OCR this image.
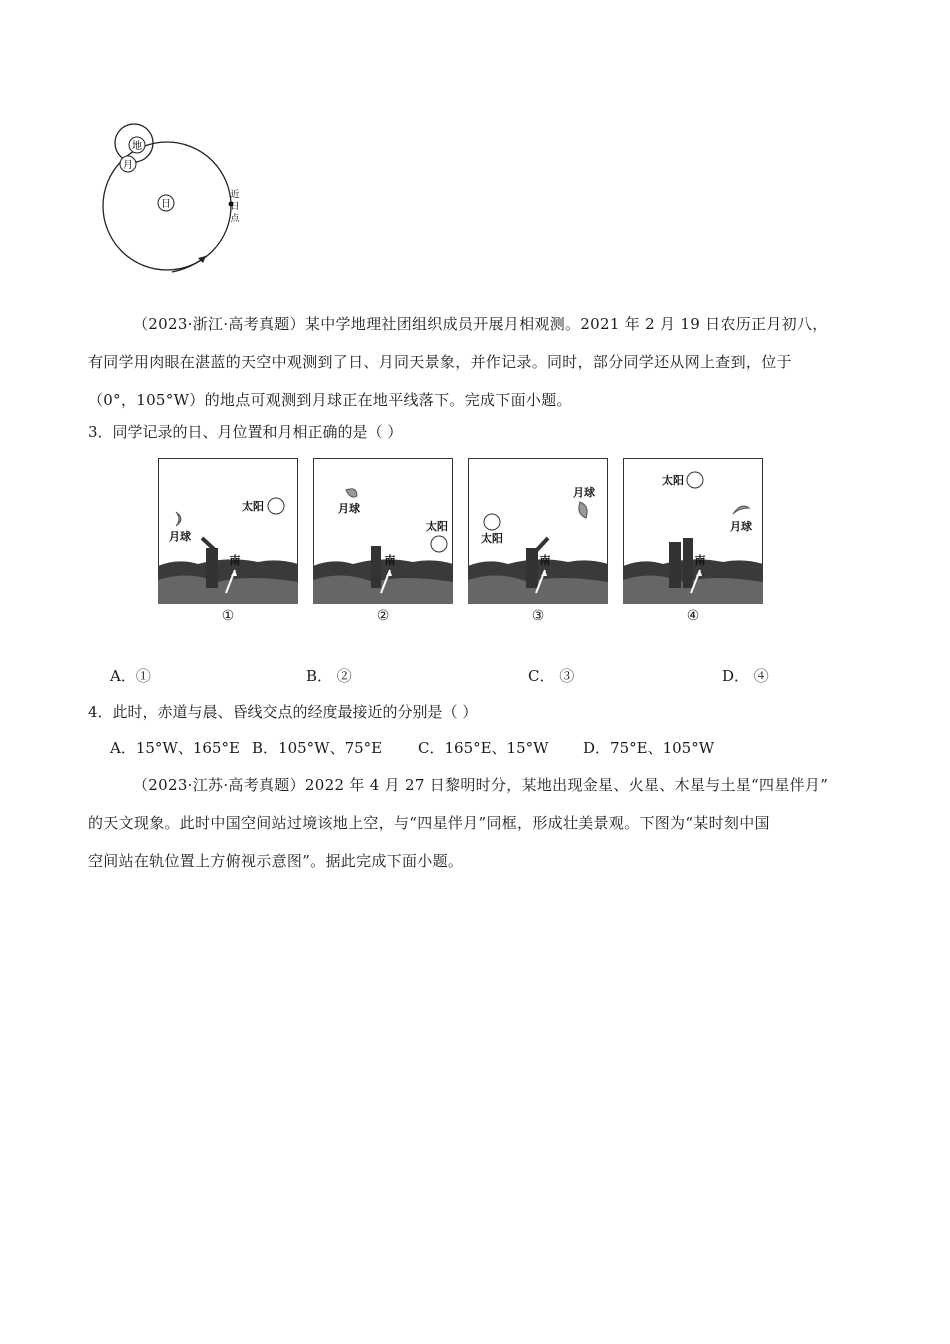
地
月
日
近
日
点
（2023·浙江·高考真题）某中学地理社团组织成员开展月相观测。2021 年 2 月 19 日农历正月初八，
有同学用肉眼在湛蓝的天空中观测到了日、月同天景象，并作记录。同时，部分同学还从网上查到，位于
（0°，105°W）的地点可观测到月球正在地平线落下。完成下面小题。
3．同学记录的日、月位置和月相正确的是（ ）
南
太阳
月球
①
南
太阳
月球
②
南
太阳
月球
③
南
太阳
月球
④
A．①	B． ②	C． ③	D． ④
4．此时，赤道与晨、昏线交点的经度最接近的分别是（ ）
A．15°W、165°E B．105°W、75°E C．165°E、15°W D．75°E、105°W
（2023·江苏·高考真题）2022 年 4 月 27 日黎明时分，某地出现金星、火星、木星与土星“四星伴月”
的天文现象。此时中国空间站过境该地上空，与“四星伴月”同框，形成壮美景观。下图为“某时刻中国
空间站在轨位置上方俯视示意图”。据此完成下面小题。
